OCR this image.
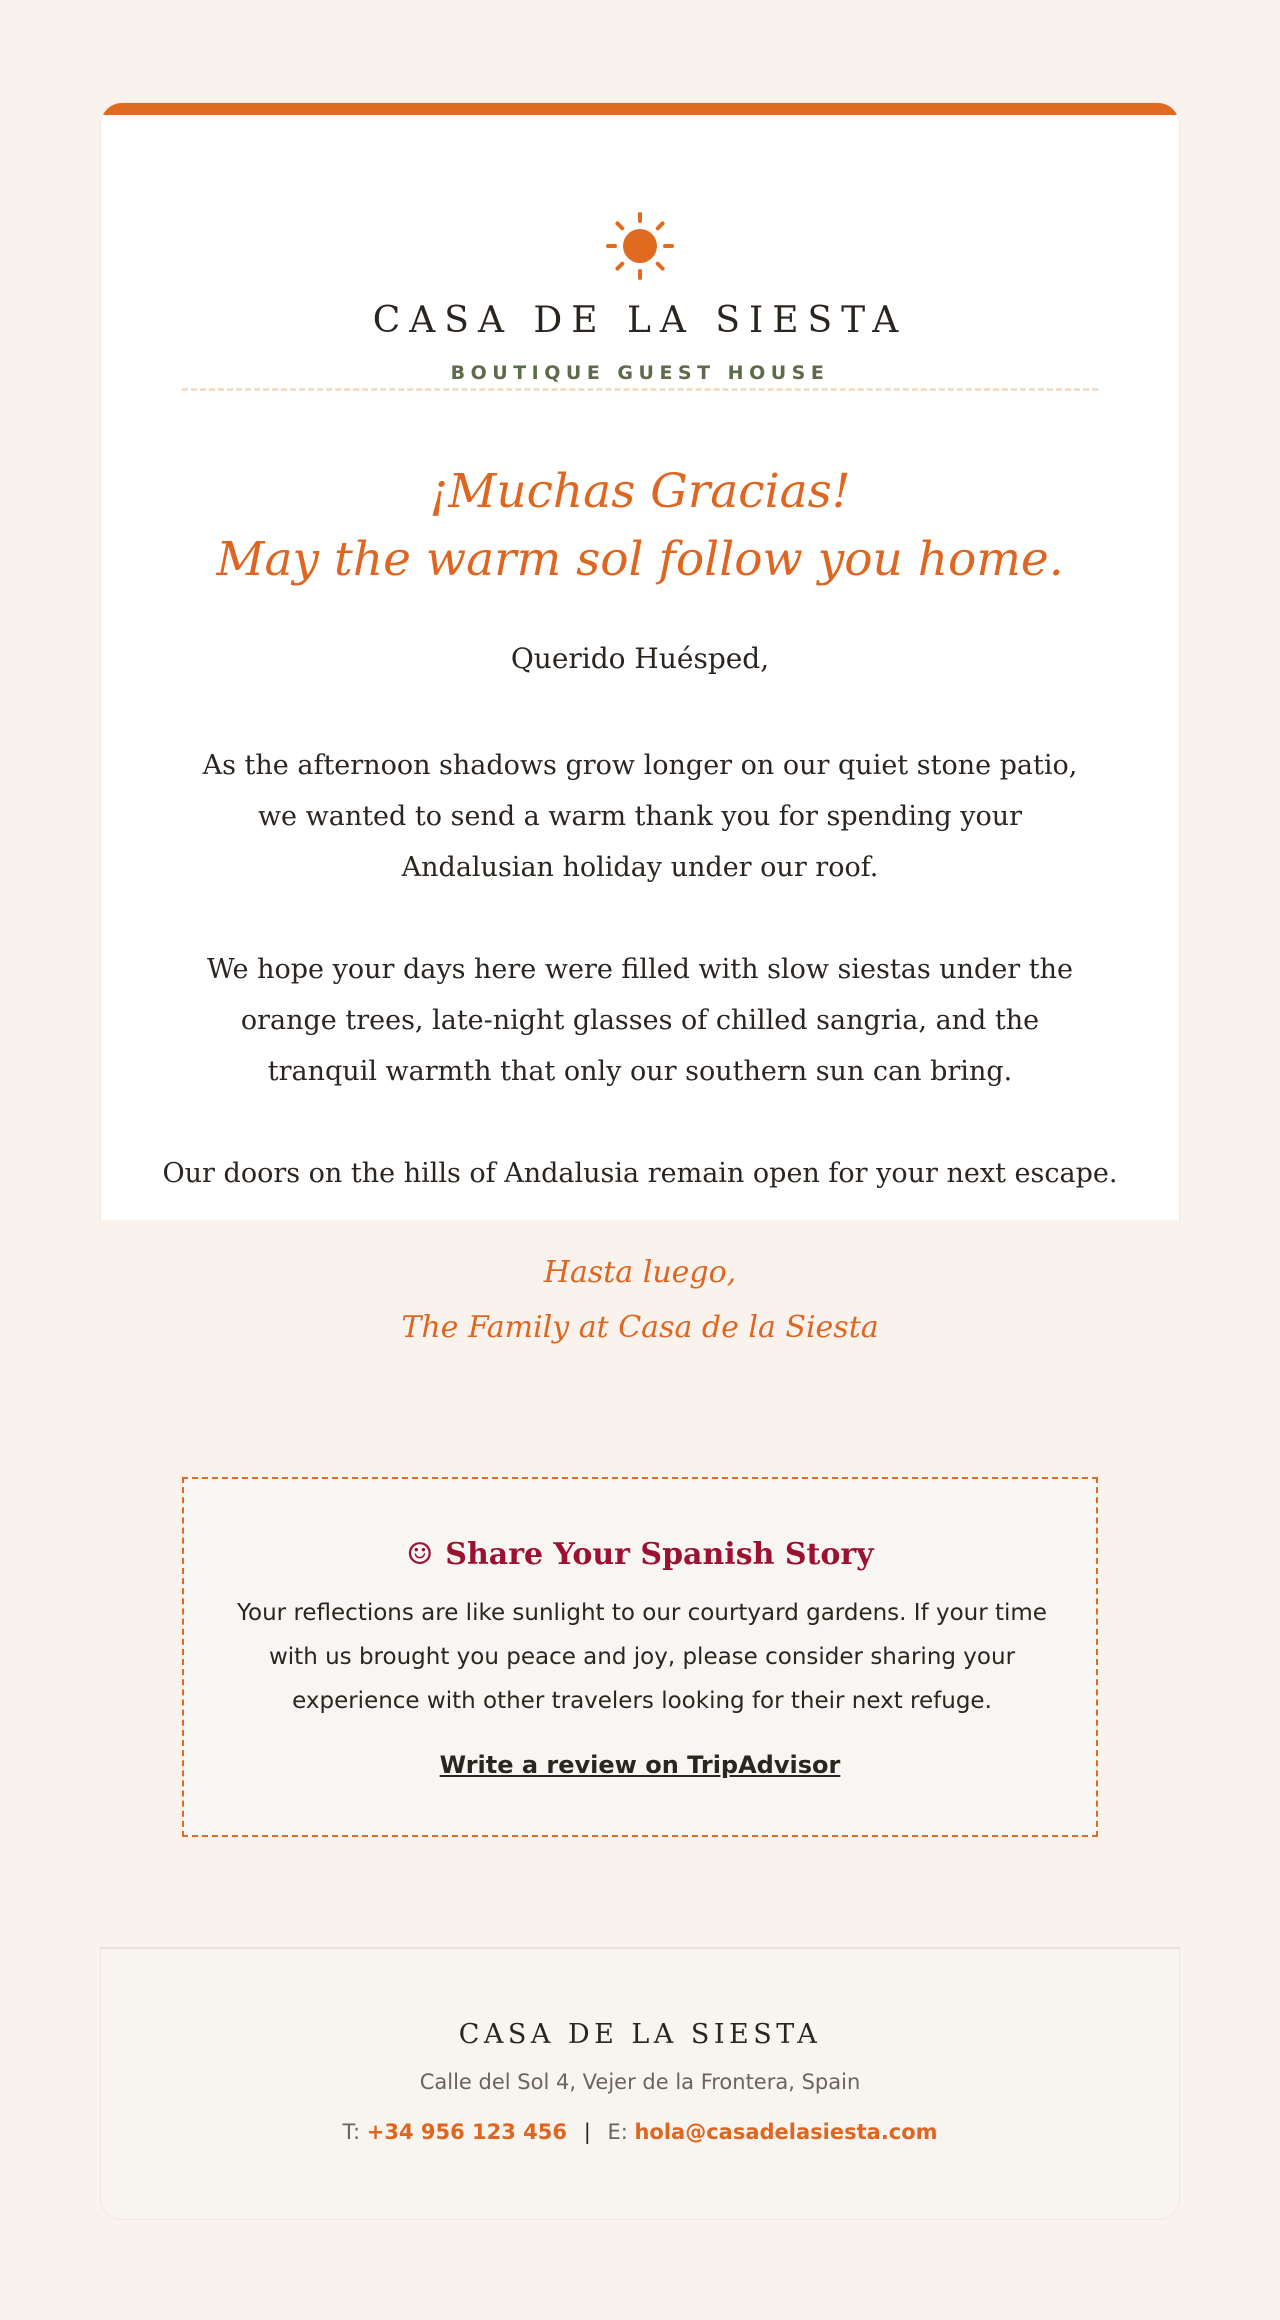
CASA DE LA SIESTA
BOUTIQUE GUEST HOUSE
¡Muchas Gracias!
May the warm sol follow you home.
Querido Huésped,
As the afternoon shadows grow longer on our quiet stone patio, we wanted to send a warm thank you for spending your Andalusian holiday under our roof.
We hope your days here were filled with slow siestas under the orange trees, late-night glasses of chilled sangria, and the tranquil warmth that only our southern sun can bring.
Our doors on the hills of Andalusia remain open for your next escape.
Hasta luego,
The Family at Casa de la Siesta
☺ Share Your Spanish Story
Your reflections are like sunlight to our courtyard gardens. If your time with us brought you peace and joy, please consider sharing your experience with other travelers looking for their next refuge.
Write a review on TripAdvisor
CASA DE LA SIESTA
Calle del Sol 4, Vejer de la Frontera, Spain
T: +34 956 123 456 | E: hola@casadelasiesta.com
